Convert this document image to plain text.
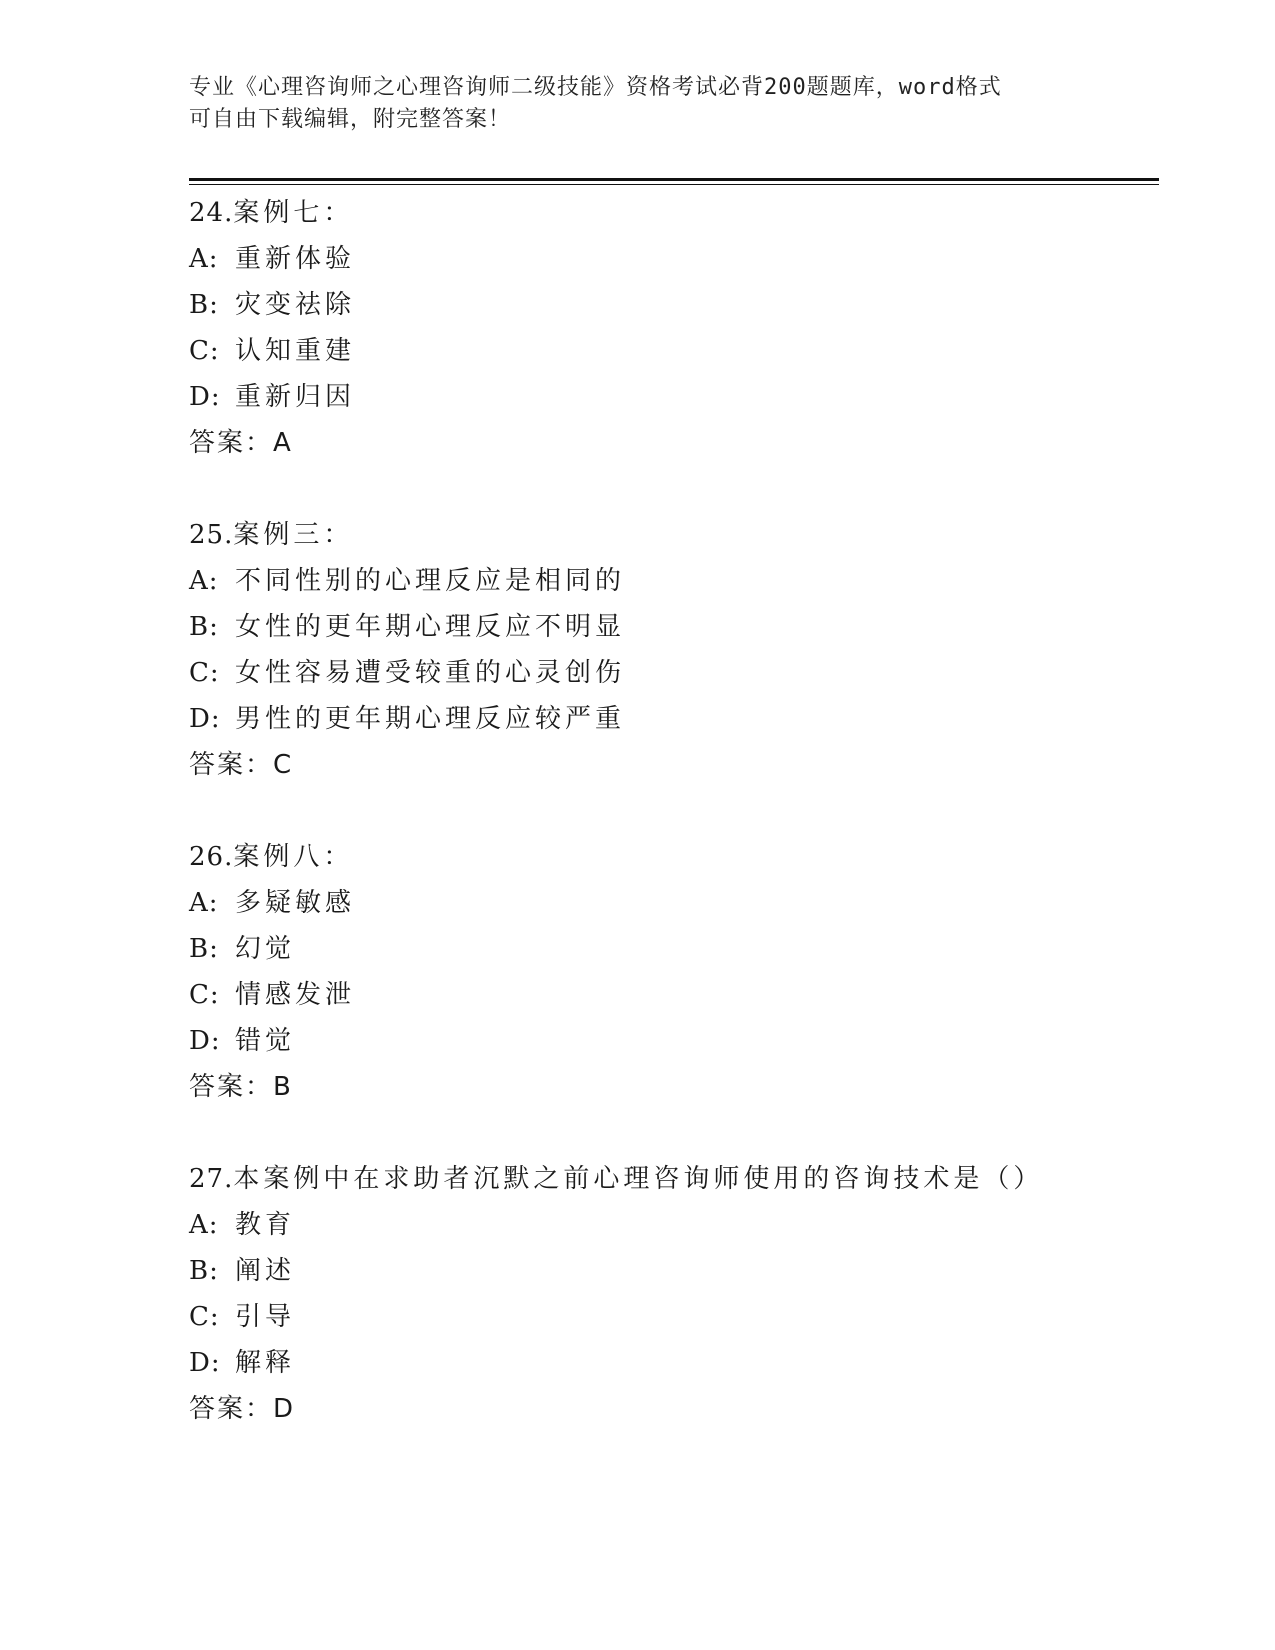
专业《心理咨询师之心理咨询师二级技能》资格考试必背200题题库，word格式
可自由下载编辑，附完整答案！
24.案例七：
A: 重新体验
B: 灾变祛除
C: 认知重建
D: 重新归因
答案：A
25.案例三：
A: 不同性别的心理反应是相同的
B: 女性的更年期心理反应不明显
C: 女性容易遭受较重的心灵创伤
D: 男性的更年期心理反应较严重
答案：C
26.案例八：
A: 多疑敏感
B: 幻觉
C: 情感发泄
D: 错觉
答案：B
27.本案例中在求助者沉默之前心理咨询师使用的咨询技术是（）
A: 教育
B: 阐述
C: 引导
D: 解释
答案：D
